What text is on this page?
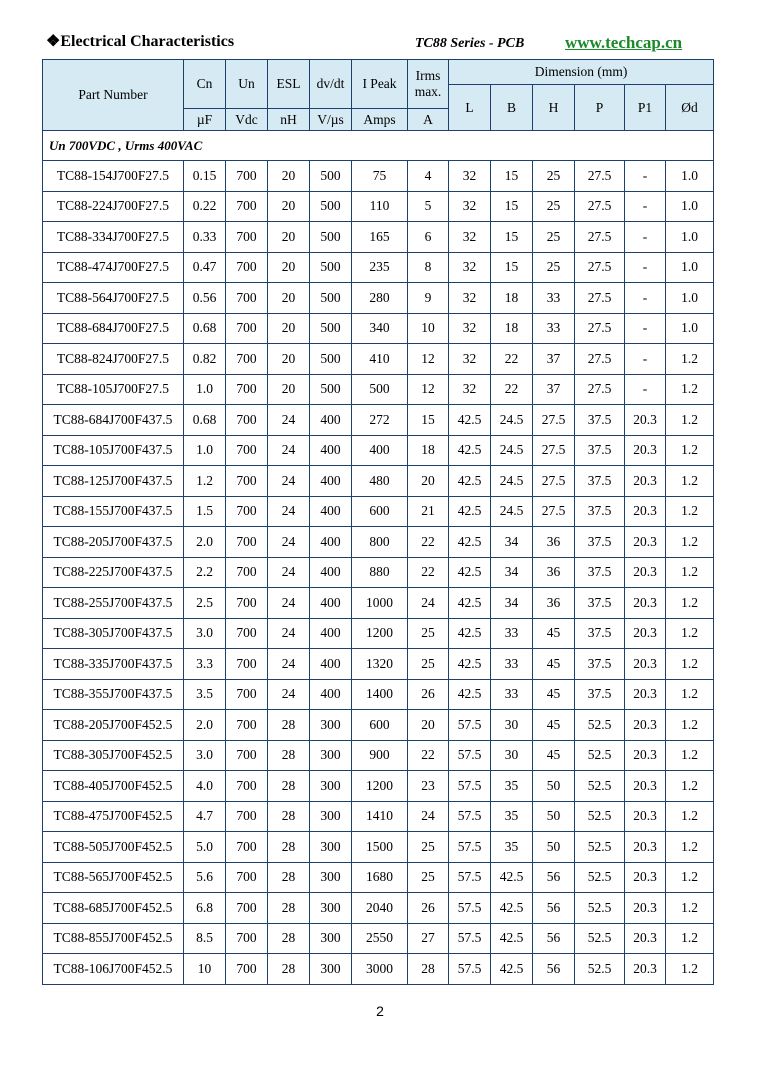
❖Electrical Characteristics	TC88 Series - PCB www.techcap.cn
Part Number	Cn	Un	ESL	dv/dt	I Peak	Irms max.	Dimension (mm)					
							L	B	H	P	P1	Ød
	µF	Vdc	nH	V/µs	Amps	A						
Un 700VDC , Urms 400VAC												
TC88-154J700F27.5	0.15	700	20	500	75	4	32	15	25	27.5	-	1.0
TC88-224J700F27.5	0.22	700	20	500	110	5	32	15	25	27.5	-	1.0
TC88-334J700F27.5	0.33	700	20	500	165	6	32	15	25	27.5	-	1.0
TC88-474J700F27.5	0.47	700	20	500	235	8	32	15	25	27.5	-	1.0
TC88-564J700F27.5	0.56	700	20	500	280	9	32	18	33	27.5	-	1.0
TC88-684J700F27.5	0.68	700	20	500	340	10	32	18	33	27.5	-	1.0
TC88-824J700F27.5	0.82	700	20	500	410	12	32	22	37	27.5	-	1.2
TC88-105J700F27.5	1.0	700	20	500	500	12	32	22	37	27.5	-	1.2
TC88-684J700F437.5	0.68	700	24	400	272	15	42.5	24.5	27.5	37.5	20.3	1.2
TC88-105J700F437.5	1.0	700	24	400	400	18	42.5	24.5	27.5	37.5	20.3	1.2
TC88-125J700F437.5	1.2	700	24	400	480	20	42.5	24.5	27.5	37.5	20.3	1.2
TC88-155J700F437.5	1.5	700	24	400	600	21	42.5	24.5	27.5	37.5	20.3	1.2
TC88-205J700F437.5	2.0	700	24	400	800	22	42.5	34	36	37.5	20.3	1.2
TC88-225J700F437.5	2.2	700	24	400	880	22	42.5	34	36	37.5	20.3	1.2
TC88-255J700F437.5	2.5	700	24	400	1000	24	42.5	34	36	37.5	20.3	1.2
TC88-305J700F437.5	3.0	700	24	400	1200	25	42.5	33	45	37.5	20.3	1.2
TC88-335J700F437.5	3.3	700	24	400	1320	25	42.5	33	45	37.5	20.3	1.2
TC88-355J700F437.5	3.5	700	24	400	1400	26	42.5	33	45	37.5	20.3	1.2
TC88-205J700F452.5	2.0	700	28	300	600	20	57.5	30	45	52.5	20.3	1.2
TC88-305J700F452.5	3.0	700	28	300	900	22	57.5	30	45	52.5	20.3	1.2
TC88-405J700F452.5	4.0	700	28	300	1200	23	57.5	35	50	52.5	20.3	1.2
TC88-475J700F452.5	4.7	700	28	300	1410	24	57.5	35	50	52.5	20.3	1.2
TC88-505J700F452.5	5.0	700	28	300	1500	25	57.5	35	50	52.5	20.3	1.2
TC88-565J700F452.5	5.6	700	28	300	1680	25	57.5	42.5	56	52.5	20.3	1.2
TC88-685J700F452.5	6.8	700	28	300	2040	26	57.5	42.5	56	52.5	20.3	1.2
TC88-855J700F452.5	8.5	700	28	300	2550	27	57.5	42.5	56	52.5	20.3	1.2
TC88-106J700F452.5	10	700	28	300	3000	28	57.5	42.5	56	52.5	20.3	1.2
2
